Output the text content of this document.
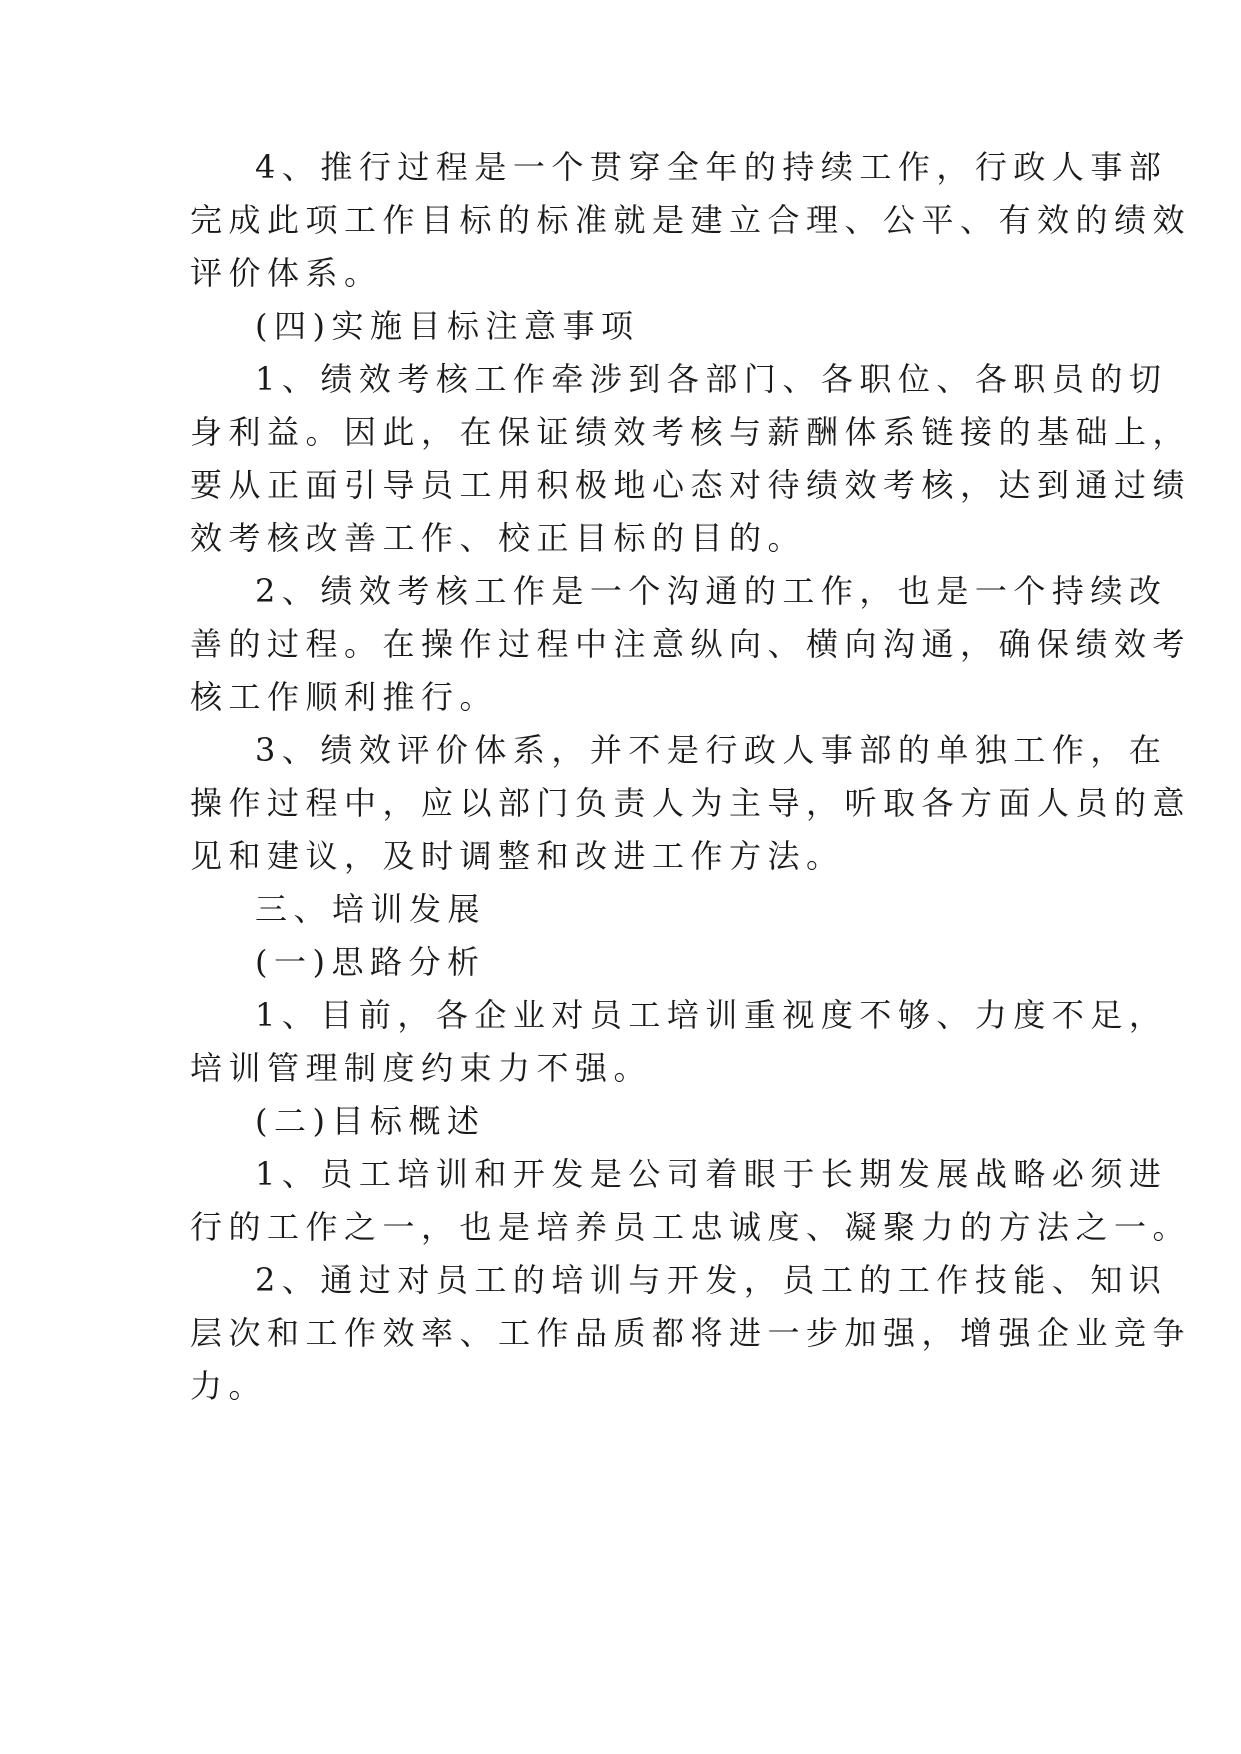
4、推行过程是一个贯穿全年的持续工作，行政人事部
完成此项工作目标的标准就是建立合理、公平、有效的绩效
评价体系。
(四)实施目标注意事项
1、绩效考核工作牵涉到各部门、各职位、各职员的切
身利益。因此，在保证绩效考核与薪酬体系链接的基础上，
要从正面引导员工用积极地心态对待绩效考核，达到通过绩
效考核改善工作、校正目标的目的。
2、绩效考核工作是一个沟通的工作，也是一个持续改
善的过程。在操作过程中注意纵向、横向沟通，确保绩效考
核工作顺利推行。
3、绩效评价体系，并不是行政人事部的单独工作，在
操作过程中，应以部门负责人为主导，听取各方面人员的意
见和建议，及时调整和改进工作方法。
三、培训发展
(一)思路分析
1、目前，各企业对员工培训重视度不够、力度不足，
培训管理制度约束力不强。
(二)目标概述
1、员工培训和开发是公司着眼于长期发展战略必须进
行的工作之一，也是培养员工忠诚度、凝聚力的方法之一。
2、通过对员工的培训与开发，员工的工作技能、知识
层次和工作效率、工作品质都将进一步加强，增强企业竞争
力。
